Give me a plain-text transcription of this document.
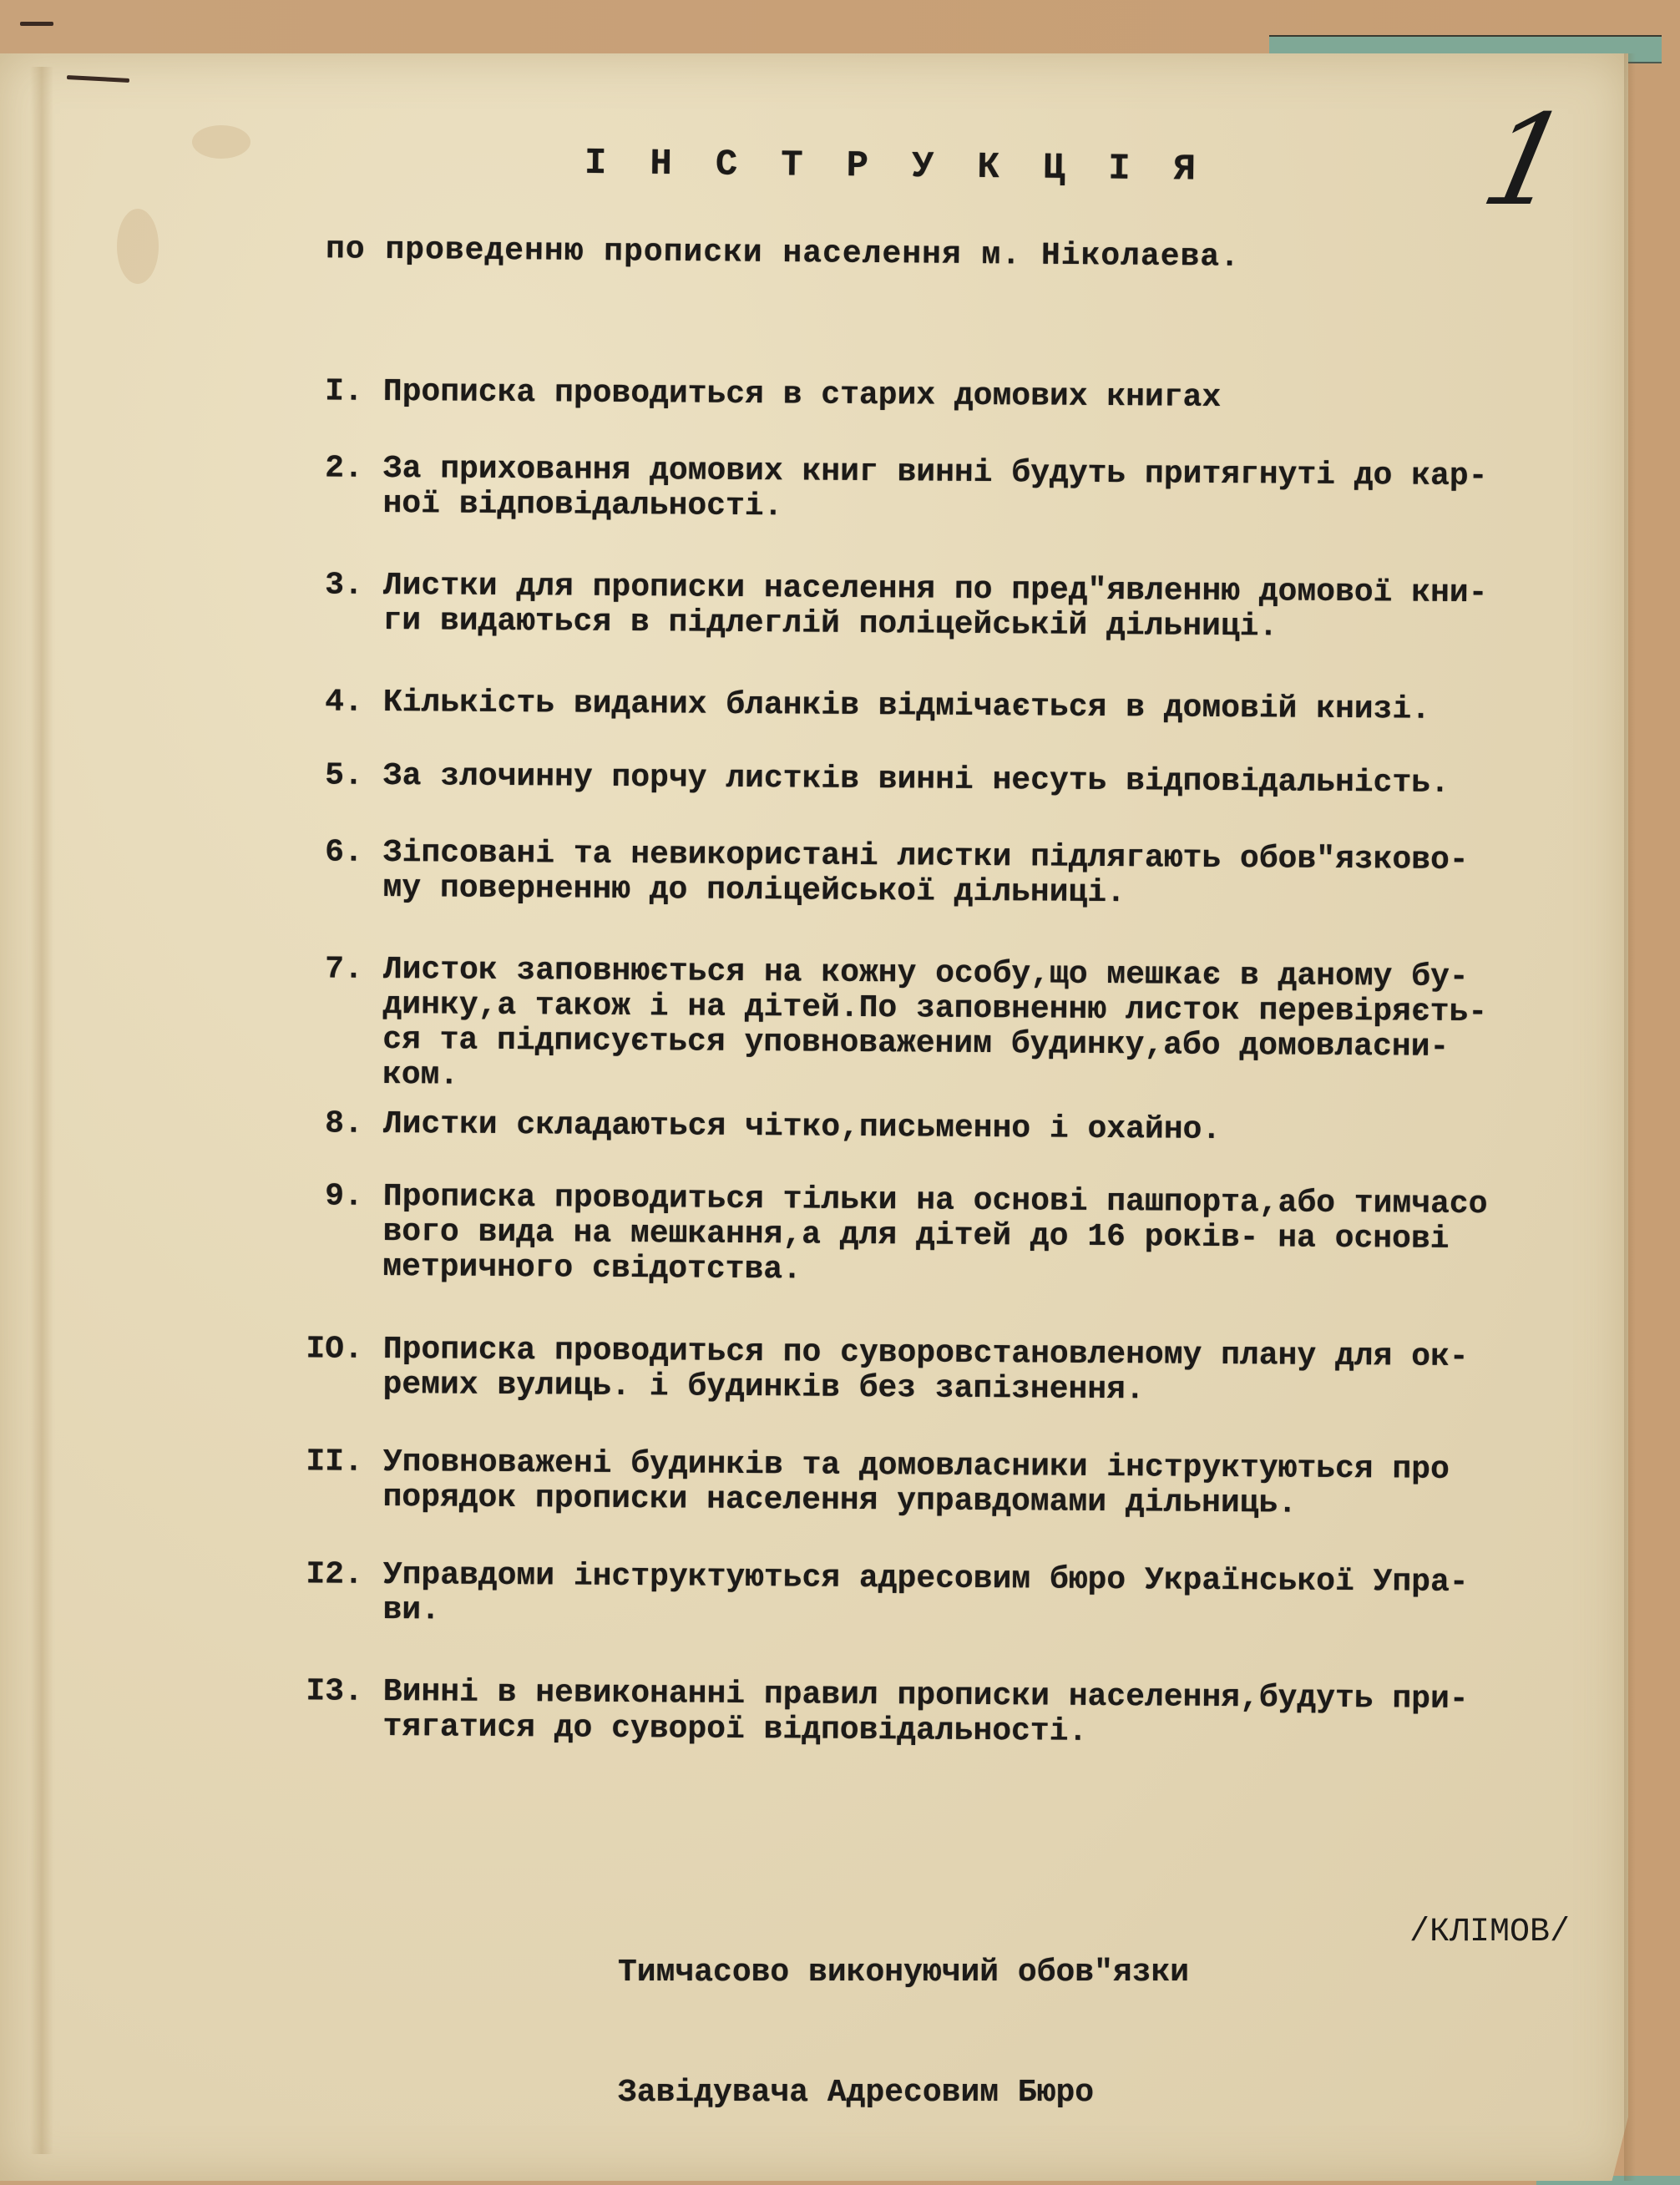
1
ІНСТРУКЦІЯ
по проведенню прописки населення м. Ніколаева.
I. Прописка проводиться в старих домових книгах
2. За приховання домових книг винні будуть притягнуті до кар-
ної відповідальності.
3. Листки для прописки населення по пред"явленню домової кни-
ги видаються в підлеглій поліцейській дільниці.
4. Кількість виданих бланків відмічається в домовій книзі.
5. За злочинну порчу листків винні несуть відповідальність.
6. Зіпсовані та невикористані листки підлягають обов"язково-
му поверненню до поліцейської дільниці.
7. Листок заповнюється на кожну особу,що мешкає в даному бу-
динку,а також і на дітей.По заповненню листок перевіряєть-
ся та підписується уповноваженим будинку,або домовласни-
ком.
8. Листки складаються чітко,письменно і охайно.
9. Прописка проводиться тільки на основі пашпорта,або тимчасо
вого вида на мешкання,а для дітей до 16 років- на основі
метричного свідотства.
IO. Прописка проводиться по суворовстановленому плану для ок-
ремих вулиць. і будинків без запізнення.
II. Уповноважені будинків та домовласники інструктуються про
порядок прописки населення управдомами дільниць.
I2. Управдоми інструктуються адресовим бюро Української Упра-
ви.
I3. Винні в невиконанні правил прописки населення,будуть при-
тягатися до суворої відповідальності.

Тимчасово виконуючий обов"язки

Завідувача Адресовим Бюро

/КЛІМОВ/
